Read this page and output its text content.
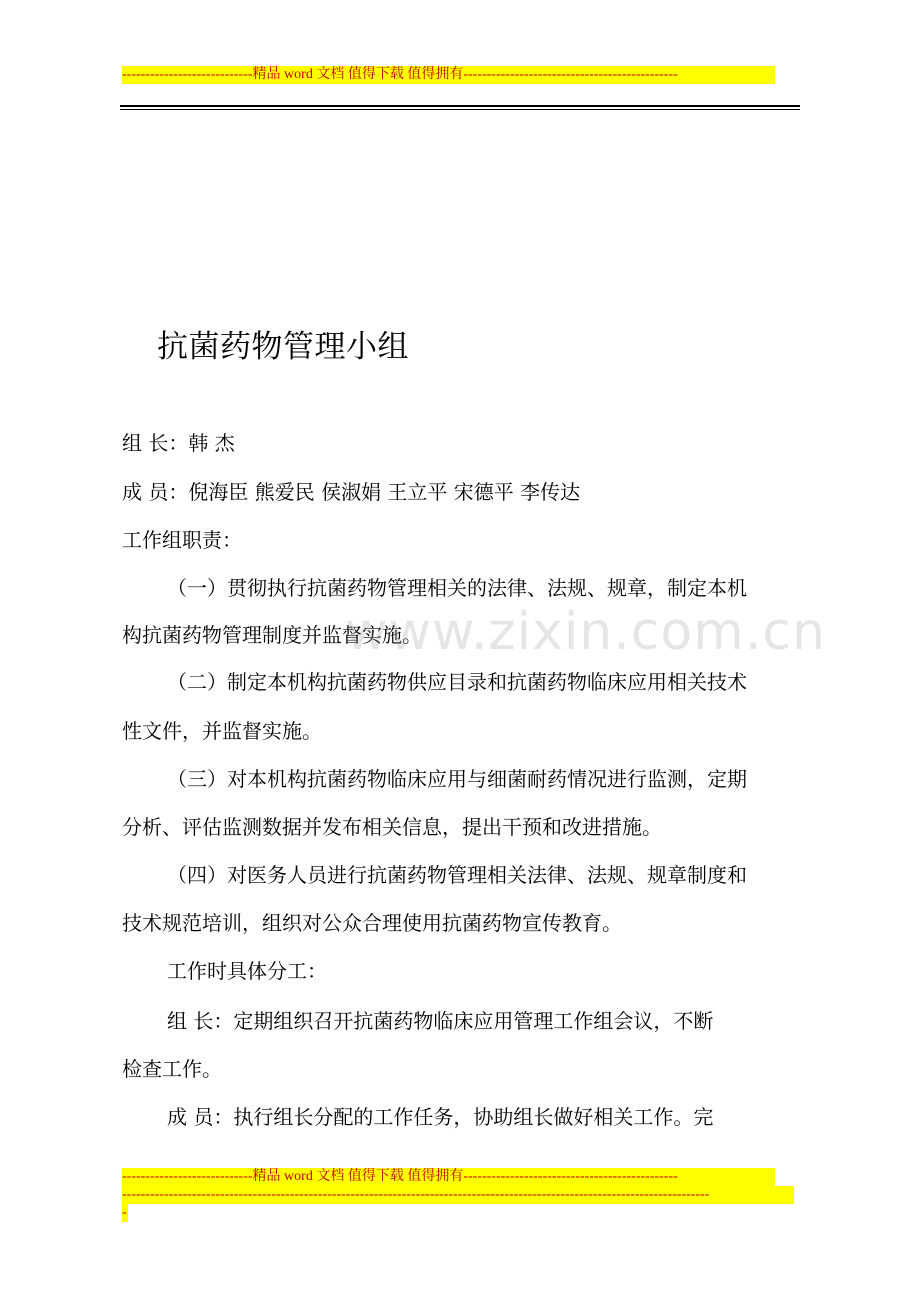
----------------------------精品 word 文档 值得下载 值得拥有----------------------------------------------
抗菌药物管理小组
组 长：韩 杰
成 员：倪海臣 熊爱民 侯淑娟 王立平 宋德平 李传达
工作组职责：
（一）贯彻执行抗菌药物管理相关的法律、法规、规章，制定本机
构抗菌药物管理制度并监督实施。
（二）制定本机构抗菌药物供应目录和抗菌药物临床应用相关技术
性文件，并监督实施。
（三）对本机构抗菌药物临床应用与细菌耐药情况进行监测，定期
分析、评估监测数据并发布相关信息，提出干预和改进措施。
（四）对医务人员进行抗菌药物管理相关法律、法规、规章制度和
技术规范培训，组织对公众合理使用抗菌药物宣传教育。
工作时具体分工：
组 长：定期组织召开抗菌药物临床应用管理工作组会议，不断
检查工作。
成 员：执行组长分配的工作任务，协助组长做好相关工作。完
www.zixin.com.cn
----------------------------精品 word 文档 值得下载 值得拥有----------------------------------------------
------------------------------------------------------------------------------------------------------------------------------
-
